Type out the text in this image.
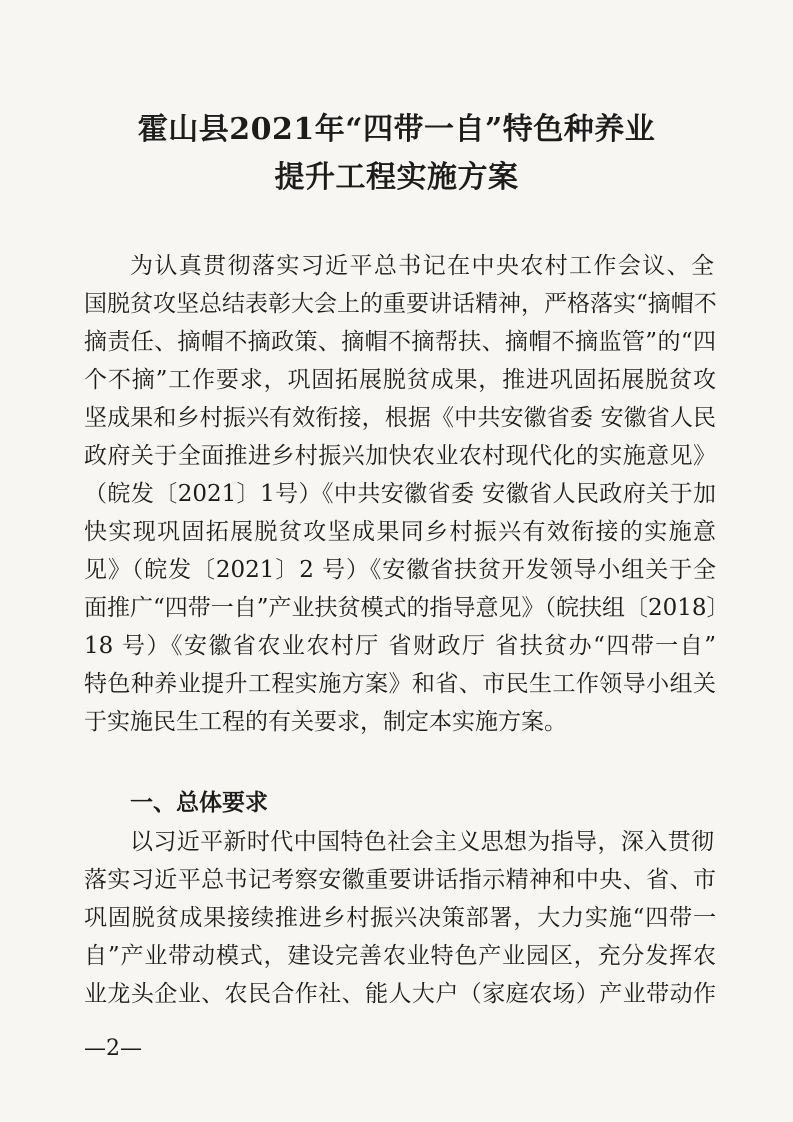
霍山县2021年“四带一自”特色种养业
提升工程实施方案
为认真贯彻落实习近平总书记在中央农村工作会议、全
国脱贫攻坚总结表彰大会上的重要讲话精神，严格落实“摘帽不
摘责任、摘帽不摘政策、摘帽不摘帮扶、摘帽不摘监管”的“四
个不摘”工作要求，巩固拓展脱贫成果，推进巩固拓展脱贫攻
坚成果和乡村振兴有效衔接，根据《中共安徽省委 安徽省人民
政府关于全面推进乡村振兴加快农业农村现代化的实施意见》
（皖发〔2021〕1号）《中共安徽省委 安徽省人民政府关于加
快实现巩固拓展脱贫攻坚成果同乡村振兴有效衔接的实施意
见》（皖发〔2021〕2 号）《安徽省扶贫开发领导小组关于全
面推广“四带一自”产业扶贫模式的指导意见》（皖扶组〔2018〕
18 号）《安徽省农业农村厅 省财政厅 省扶贫办“四带一自”
特色种养业提升工程实施方案》和省、市民生工作领导小组关
于实施民生工程的有关要求，制定本实施方案。
一、总体要求
以习近平新时代中国特色社会主义思想为指导，深入贯彻
落实习近平总书记考察安徽重要讲话指示精神和中央、省、市
巩固脱贫成果接续推进乡村振兴决策部署，大力实施“四带一
自”产业带动模式，建设完善农业特色产业园区，充分发挥农
业龙头企业、农民合作社、能人大户（家庭农场）产业带动作
—2—
